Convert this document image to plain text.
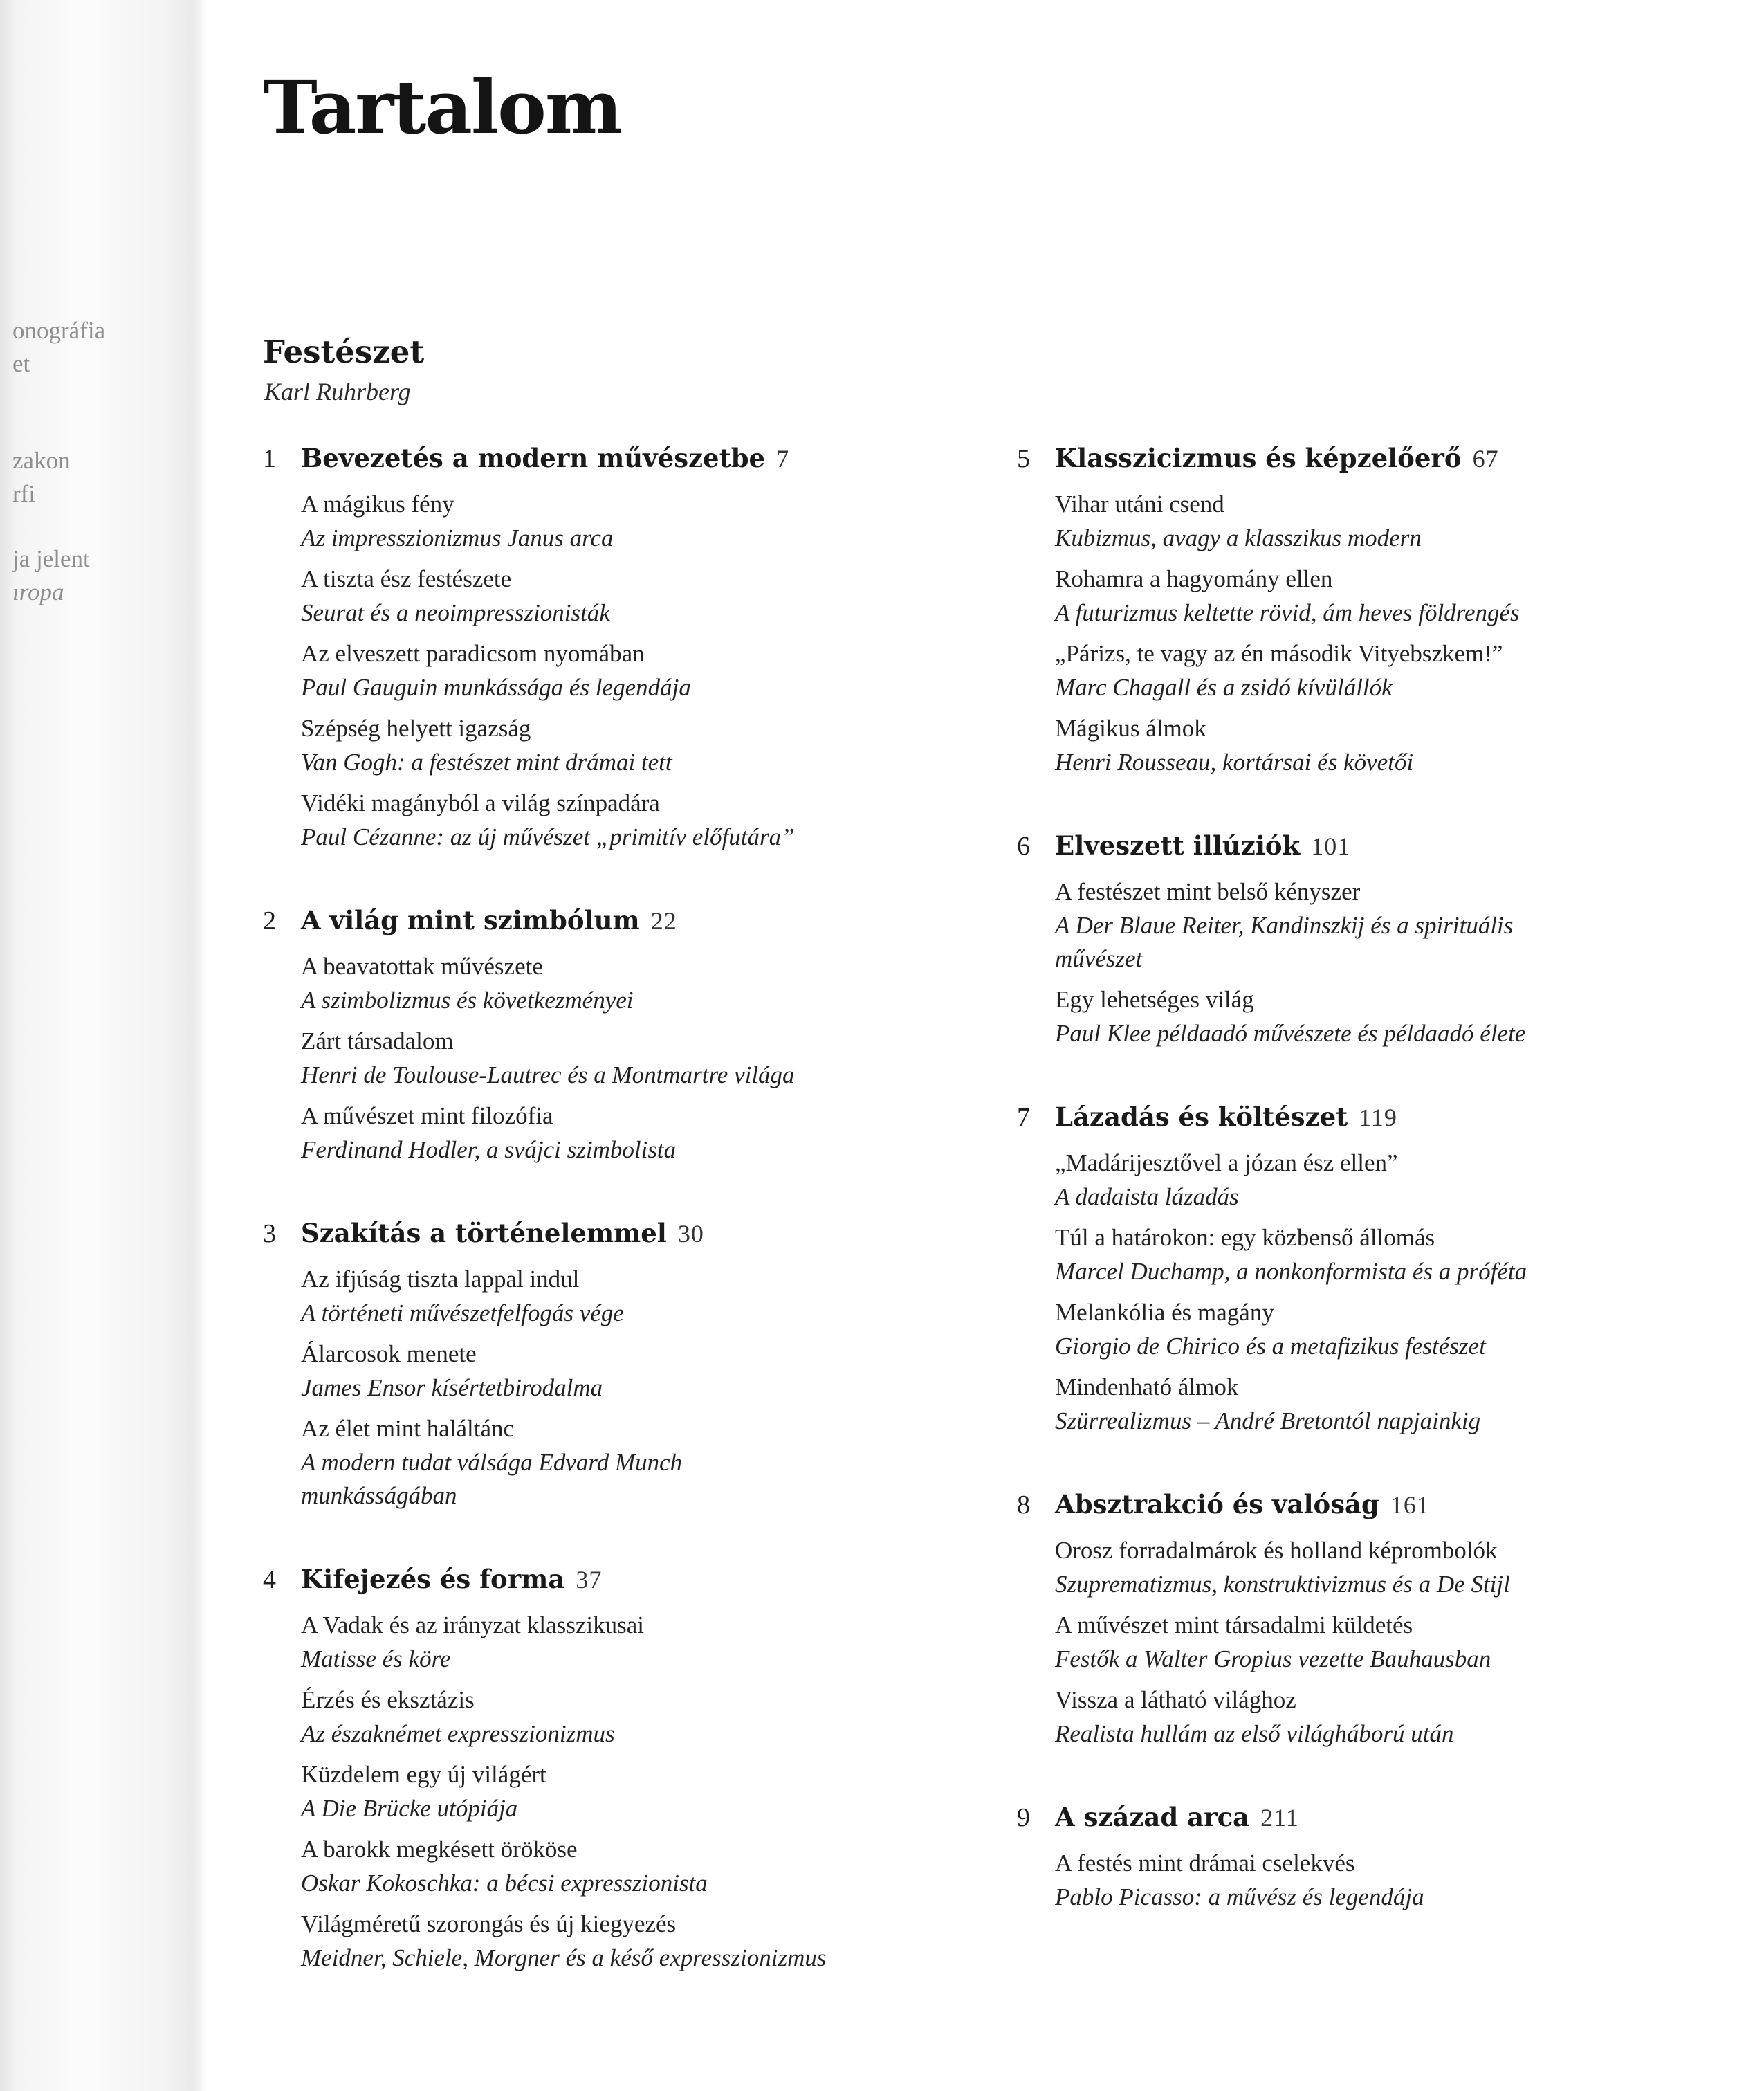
onográfia
et
zakon
rfi
ja jelent
ıropa
Tartalom
Festészet
Karl Ruhrberg
1 Bevezetés a modern művészetbe 7
A mágikus fény
Az impresszionizmus Janus arca
A tiszta ész festészete
Seurat és a neoimpresszionisták
Az elveszett paradicsom nyomában
Paul Gauguin munkássága és legendája
Szépség helyett igazság
Van Gogh: a festészet mint drámai tett
Vidéki magányból a világ színpadára
Paul Cézanne: az új művészet „primitív előfutára”
2 A világ mint szimbólum 22
A beavatottak művészete
A szimbolizmus és következményei
Zárt társadalom
Henri de Toulouse-Lautrec és a Montmartre világa
A művészet mint filozófia
Ferdinand Hodler, a svájci szimbolista
3 Szakítás a történelemmel 30
Az ifjúság tiszta lappal indul
A történeti művészetfelfogás vége
Álarcosok menete
James Ensor kísértetbirodalma
Az élet mint haláltánc
A modern tudat válsága Edvard Munch munkásságában
4 Kifejezés és forma 37
A Vadak és az irányzat klasszikusai
Matisse és köre
Érzés és eksztázis
Az északnémet expresszionizmus
Küzdelem egy új világért
A Die Brücke utópiája
A barokk megkésett örököse
Oskar Kokoschka: a bécsi expresszionista
Világméretű szorongás és új kiegyezés
Meidner, Schiele, Morgner és a késő expresszionizmus
5 Klasszicizmus és képzelőerő 67
Vihar utáni csend
Kubizmus, avagy a klasszikus modern
Rohamra a hagyomány ellen
A futurizmus keltette rövid, ám heves földrengés
„Párizs, te vagy az én második Vityebszkem!”
Marc Chagall és a zsidó kívülállók
Mágikus álmok
Henri Rousseau, kortársai és követői
6 Elveszett illúziók 101
A festészet mint belső kényszer
A Der Blaue Reiter, Kandinszkij és a spirituális művészet
Egy lehetséges világ
Paul Klee példaadó művészete és példaadó élete
7 Lázadás és költészet 119
„Madárijesztővel a józan ész ellen”
A dadaista lázadás
Túl a határokon: egy közbenső állomás
Marcel Duchamp, a nonkonformista és a próféta
Melankólia és magány
Giorgio de Chirico és a metafizikus festészet
Mindenható álmok
Szürrealizmus – André Bretontól napjainkig
8 Absztrakció és valóság 161
Orosz forradalmárok és holland képrombolók
Szuprematizmus, konstruktivizmus és a De Stijl
A művészet mint társadalmi küldetés
Festők a Walter Gropius vezette Bauhausban
Vissza a látható világhoz
Realista hullám az első világháború után
9 A század arca 211
A festés mint drámai cselekvés
Pablo Picasso: a művész és legendája
